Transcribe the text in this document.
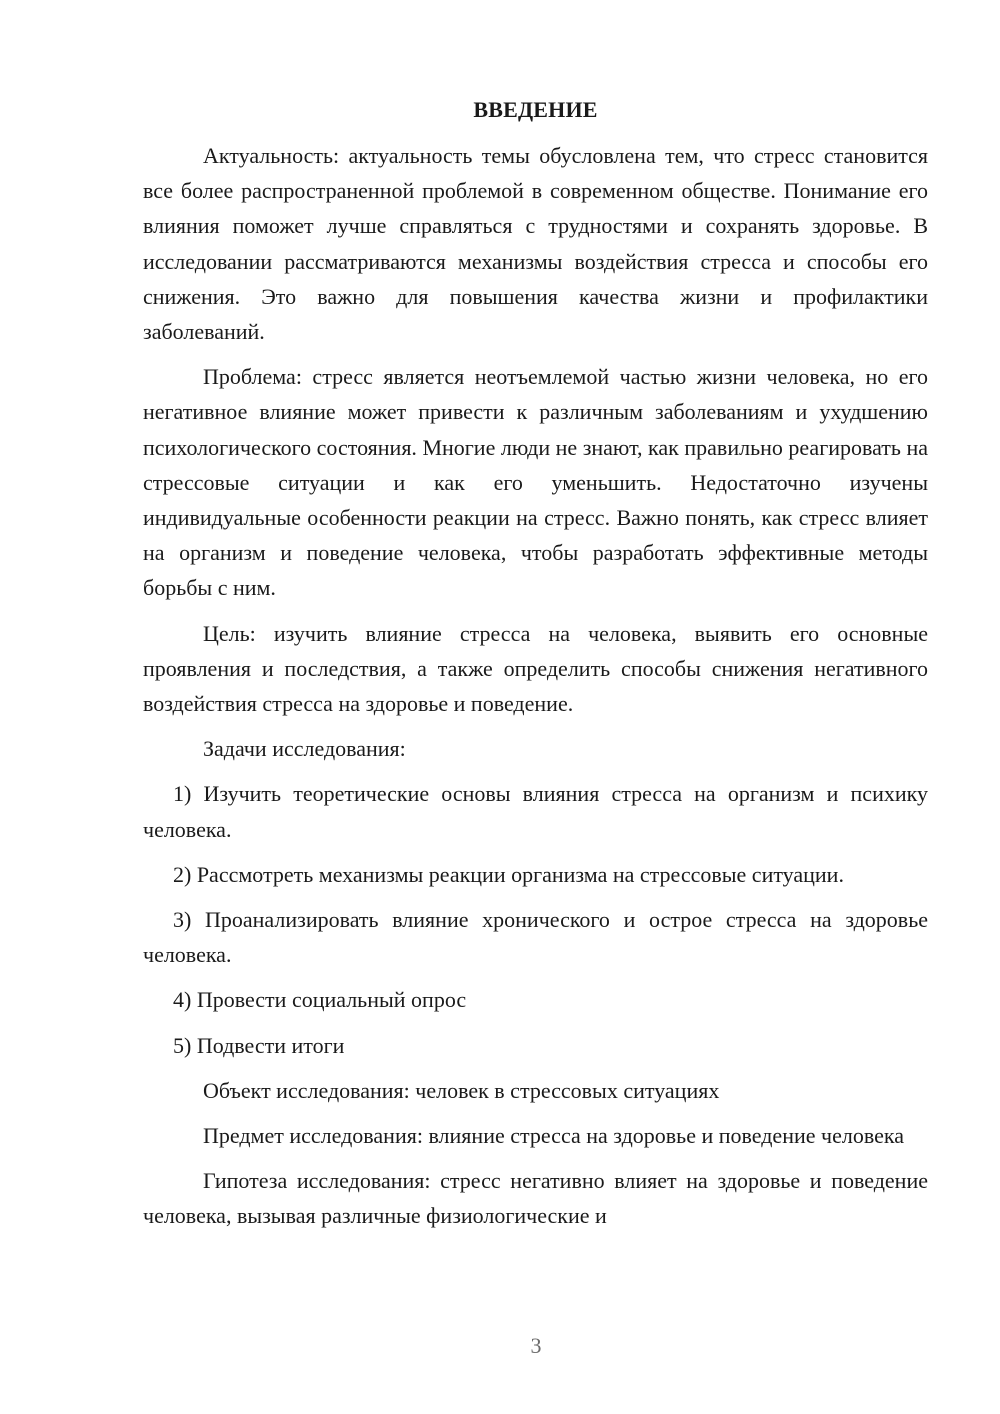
ВВЕДЕНИЕ

Актуальность: актуальность темы обусловлена тем, что стресс становится все более распространенной проблемой в современном обществе. Понимание его влияния поможет лучше справляться с трудностями и сохранять здоровье. В исследовании рассматриваются механизмы воздействия стресса и способы его снижения. Это важно для повышения качества жизни и профилактики заболеваний.

Проблема: стресс является неотъемлемой частью жизни человека, но его негативное влияние может привести к различным заболеваниям и ухудшению психологического состояния. Многие люди не знают, как правильно реагировать на стрессовые ситуации и как его уменьшить. Недостаточно изучены индивидуальные особенности реакции на стресс. Важно понять, как стресс влияет на организм и поведение человека, чтобы разработать эффективные методы борьбы с ним.

Цель: изучить влияние стресса на человека, выявить его основные проявления и последствия, а также определить способы снижения негативного воздействия стресса на здоровье и поведение.

Задачи исследования:

1) Изучить теоретические основы влияния стресса на организм и психику человека.

2) Рассмотреть механизмы реакции организма на стрессовые ситуации.

3) Проанализировать влияние хронического и острое стресса на здоровье человека.

4) Провести социальный опрос

5) Подвести итоги

Объект исследования: человек в стрессовых ситуациях

Предмет исследования: влияние стресса на здоровье и поведение человека

Гипотеза исследования: стресс негативно влияет на здоровье и поведение человека, вызывая различные физиологические и

3
